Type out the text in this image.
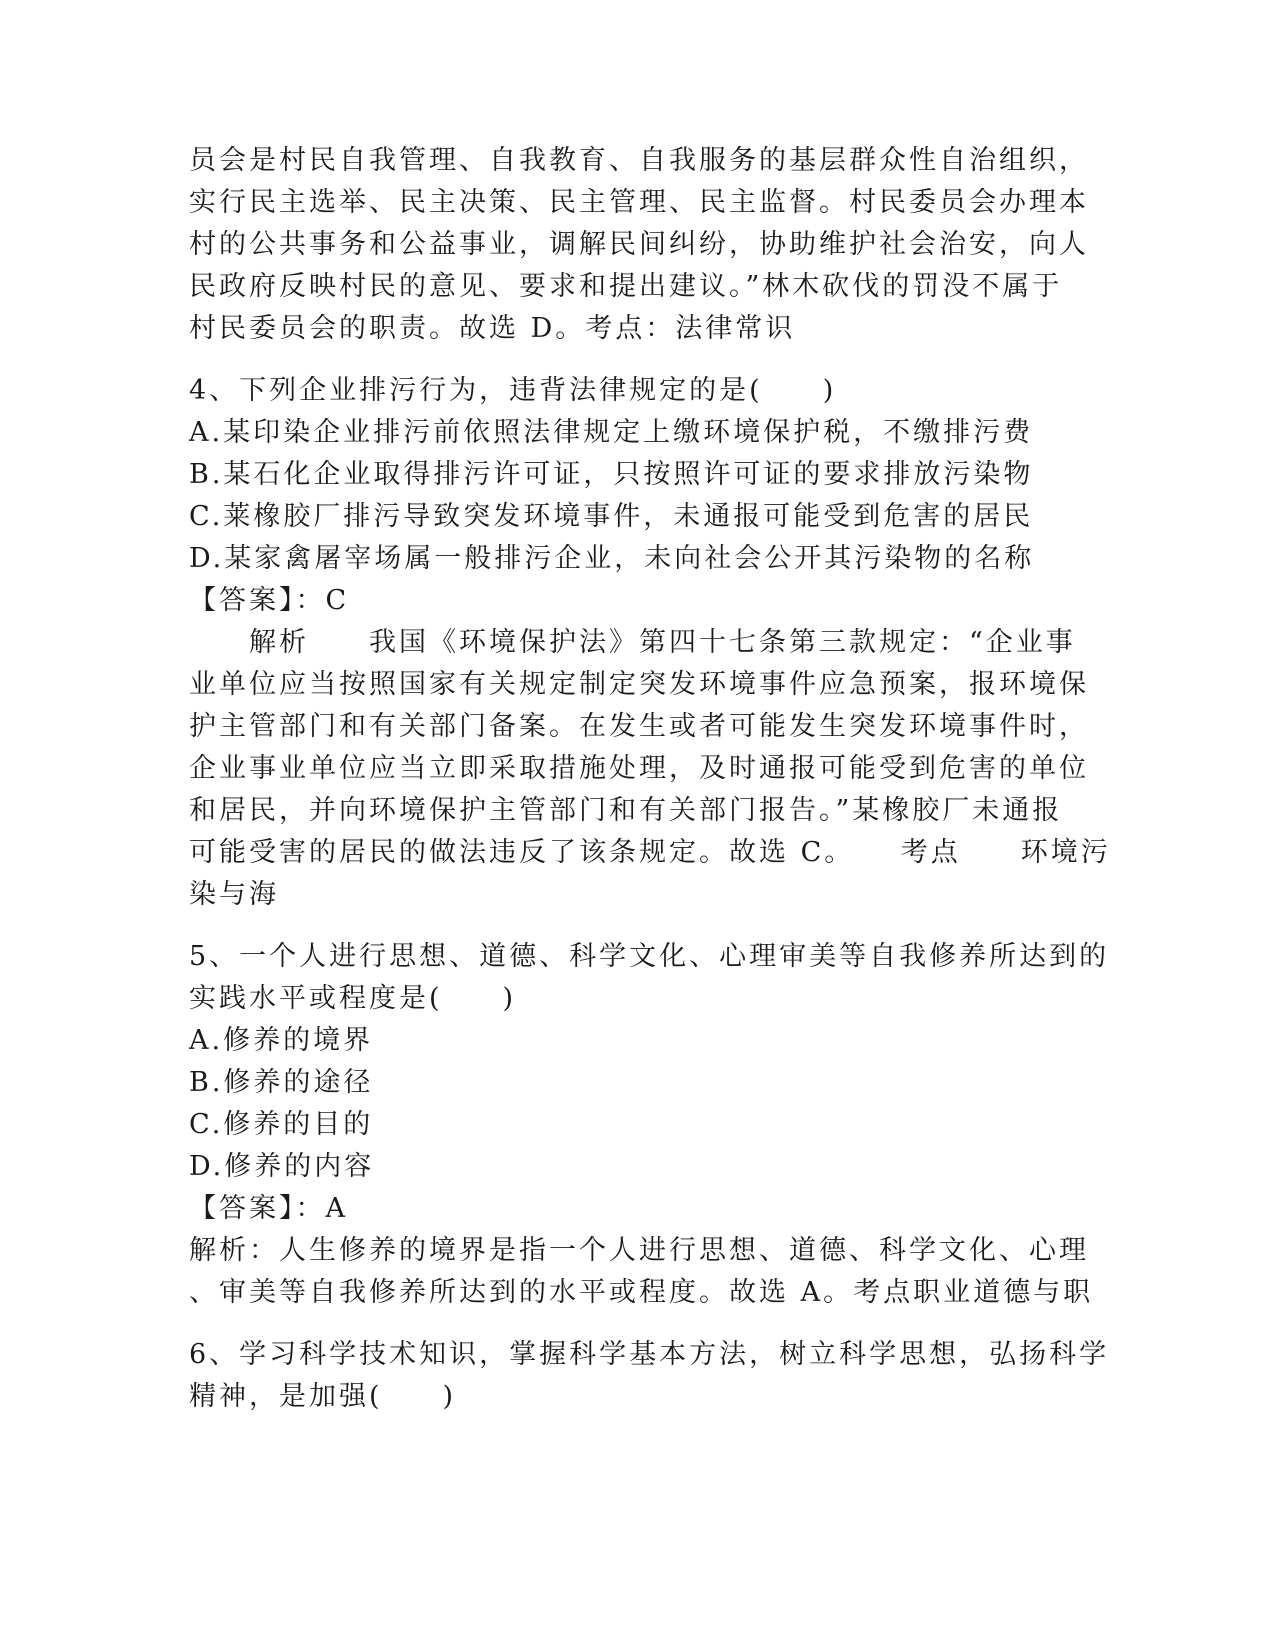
员会是村民自我管理、自我教育、自我服务的基层群众性自治组织，
实行民主选举、民主决策、民主管理、民主监督。村民委员会办理本
村的公共事务和公益事业，调解民间纠纷，协助维护社会治安，向人
民政府反映村民的意见、要求和提出建议。”林木砍伐的罚没不属于
村民委员会的职责。故选 D。考点：法律常识
4、下列企业排污行为，违背法律规定的是(　　)
A.某印染企业排污前依照法律规定上缴环境保护税，不缴排污费
B.某石化企业取得排污许可证，只按照许可证的要求排放污染物
C.莱橡胶厂排污导致突发环境事件，未通报可能受到危害的居民
D.某家禽屠宰场属一般排污企业，未向社会公开其污染物的名称
【答案】：C
　　解析　　我国《环境保护法》第四十七条第三款规定：“企业事
业单位应当按照国家有关规定制定突发环境事件应急预案，报环境保
护主管部门和有关部门备案。在发生或者可能发生突发环境事件时，
企业事业单位应当立即采取措施处理，及时通报可能受到危害的单位
和居民，并向环境保护主管部门和有关部门报告。”某橡胶厂未通报
可能受害的居民的做法违反了该条规定。故选 C。　　考点　　环境污
染与海
5、一个人进行思想、道德、科学文化、心理审美等自我修养所达到的
实践水平或程度是(　　)
A.修养的境界
B.修养的途径
C.修养的目的
D.修养的内容
【答案】：A
解析：人生修养的境界是指一个人进行思想、道德、科学文化、心理
、审美等自我修养所达到的水平或程度。故选 A。考点职业道德与职
6、学习科学技术知识，掌握科学基本方法，树立科学思想，弘扬科学
精神，是加强(　　)
